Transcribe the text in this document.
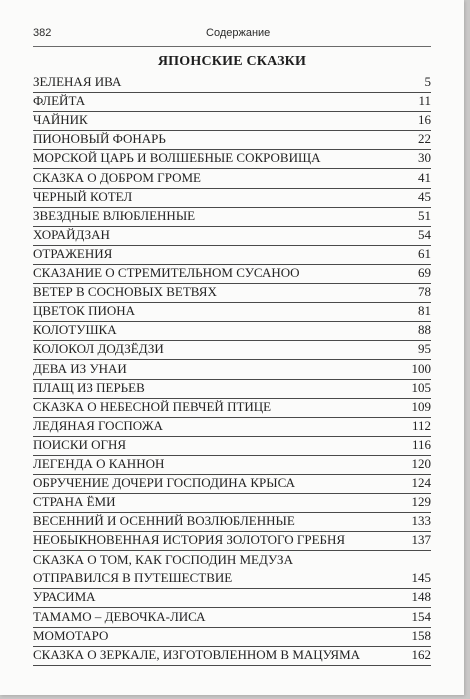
382	Содержание
ЯПОНСКИЕ СКАЗКИ
ЗЕЛЕНАЯ ИВА	5
ФЛЕЙТА	11
ЧАЙНИК	16
ПИОНОВЫЙ ФОНАРЬ	22
МОРСКОЙ ЦАРЬ И ВОЛШЕБНЫЕ СОКРОВИЩА	30
СКАЗКА О ДОБРОМ ГРОМЕ	41
ЧЕРНЫЙ КОТЕЛ	45
ЗВЕЗДНЫЕ ВЛЮБЛЕННЫЕ	51
ХОРАЙДЗАН	54
ОТРАЖЕНИЯ	61
СКАЗАНИЕ О СТРЕМИТЕЛЬНОМ СУСАНОО	69
ВЕТЕР В СОСНОВЫХ ВЕТВЯХ	78
ЦВЕТОК ПИОНА	81
КОЛОТУШКА	88
КОЛОКОЛ ДОДЗЁДЗИ	95
ДЕВА ИЗ УНАИ	100
ПЛАЩ ИЗ ПЕРЬЕВ	105
СКАЗКА О НЕБЕСНОЙ ПЕВЧЕЙ ПТИЦЕ	109
ЛЕДЯНАЯ ГОСПОЖА	112
ПОИСКИ ОГНЯ	116
ЛЕГЕНДА О КАННОН	120
ОБРУЧЕНИЕ ДОЧЕРИ ГОСПОДИНА КРЫСА	124
СТРАНА ЁМИ	129
ВЕСЕННИЙ И ОСЕННИЙ ВОЗЛЮБЛЕННЫЕ	133
НЕОБЫКНОВЕННАЯ ИСТОРИЯ ЗОЛОТОГО ГРЕБНЯ	137
СКАЗКА О ТОМ, КАК ГОСПОДИН МЕДУЗА
ОТПРАВИЛСЯ В ПУТЕШЕСТВИЕ	145
УРАСИМА	148
ТАМАМО – ДЕВОЧКА-ЛИСА	154
МОМОТАРО	158
СКАЗКА О ЗЕРКАЛЕ, ИЗГОТОВЛЕННОМ В МАЦУЯМА	162
